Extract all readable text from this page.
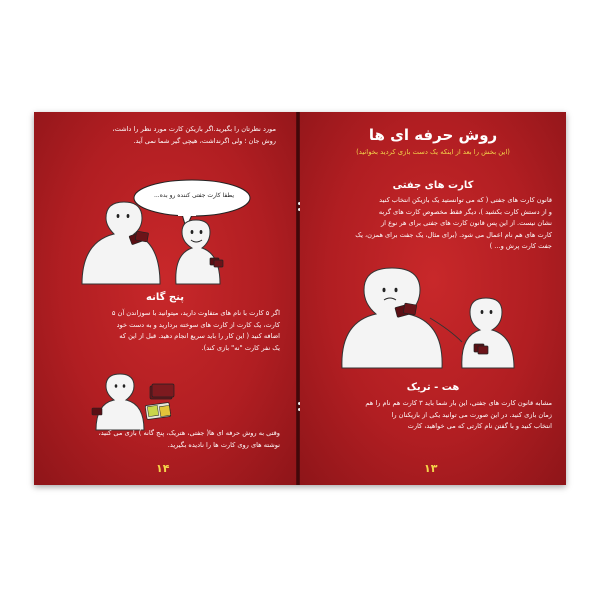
مورد نظرتان را بگیرید.اگر بازیکن کارت مورد نظر را داشت،
روش جان ؛ ولی اگرنداشت، هیچی گیر شما نمی آید.
یطفا کارت جفتی کننده رو بده...
پنج گانه
اگر ۵ کارت با نام های متفاوت دارید، میتوانید با سوزاندن آن ۵
کارت، یک کارت از کارت های سوخته بردارید و به دست خود
اضافه کنید ( این کار را باید سریع انجام دهید. قبل از این که
یک نفر کارت "نه" بازی کند).
وقتی به روش حرفه ای ها( جفتی، هتریک، پنج گانه ) بازی می کنید،
نوشته های روی کارت ها را نادیده بگیرید.
۱۴
روش حرفه ای ها
(این بخش را بعد از اینکه یک دست بازی کردید بخوانید)
کارت های جفتی
قانون کارت های جفتی ( که می توانستید یک بازیکن انتخاب کنید
و از دستش کارت بکشید )، دیگر فقط مخصوص کارت های گربه
نشان نیست. از این پس قانون کارت های جفتی برای هر نوع از
کارت های هم نام اعمال می شود. (برای مثال، یک جفت برای همزن، یک
جفت کارت پرش و... )
هت - تریک
مشابه قانون کارت های جفتی، این بار شما باید ۳ کارت هم نام را هم
زمان بازی کنید. در این صورت می توانید یکی از بازیکنان را
انتخاب کنید و با گفتن نام کارتی که می خواهید، کارت
۱۳
